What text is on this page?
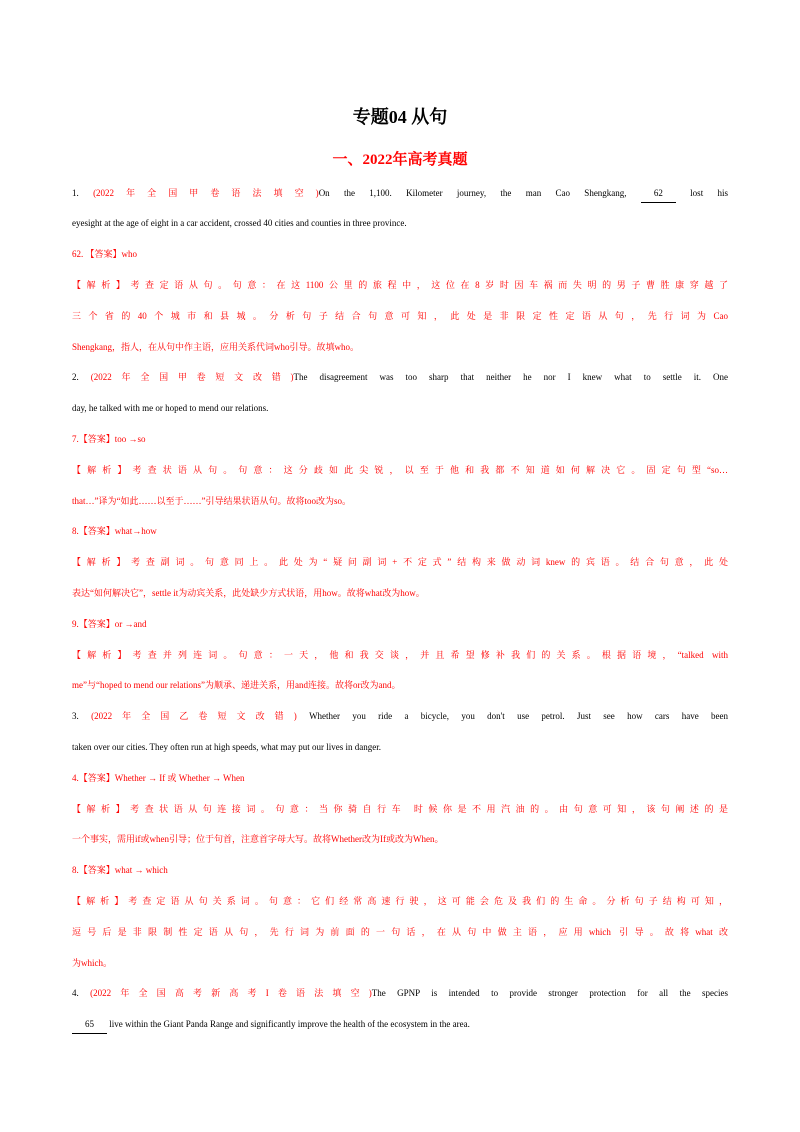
专题04 从句
一、2022年高考真题
1. (2022年全国甲卷语法填空)On the 1,100. Kilometer journey, the man Cao Shengkang, 62 lost his
eyesight at the age of eight in a car accident, crossed 40 cities and counties in three province.
62. 【答案】who
【解析】考查定语从句。句意：在这1100公里的旅程中，这位在8岁时因车祸而失明的男子曹胜康穿越了
三个省的40个城市和县城。分析句子结合句意可知，此处是非限定性定语从句，先行词为Cao
Shengkang，指人，在从句中作主语，应用关系代词who引导。故填who。
2. (2022年全国甲卷短文改错)The disagreement was too sharp that neither he nor I knew what to settle it. One
day, he talked with me or hoped to mend our relations.
7.【答案】too →so
【解析】考查状语从句。句意：这分歧如此尖锐，以至于他和我都不知道如何解决它。固定句型“so…
that…”译为“如此……以至于……”引导结果状语从句。故将too改为so。
8.【答案】what→how
【解析】考查副词。句意同上。此处为“疑问副词+不定式”结构来做动词knew的宾语。结合句意，此处
表达“如何解决它”，settle it为动宾关系，此处缺少方式状语，用how。故将what改为how。
9.【答案】or →and
【解析】考查并列连词。句意：一天，他和我交谈，并且希望修补我们的关系。根据语境，“talked with
me”与“hoped to mend our relations”为顺承、递进关系，用and连接。故将or改为and。
3. (2022年全国乙卷短文改错) Whether you ride a bicycle, you don't use petrol. Just see how cars have been
taken over our cities. They often run at high speeds, what may put our lives in danger.
4.【答案】Whether → If 或 Whether → When
【解析】考查状语从句连接词。句意：当你骑自行车 时候你是不用汽油的。由句意可知，该句阐述的是
一个事实，需用if或when引导；位于句首，注意首字母大写。故将Whether改为If或改为When。
8.【答案】what → which
【解析】考查定语从句关系词。句意：它们经常高速行驶，这可能会危及我们的生命。分析句子结构可知，
逗号后是非限制性定语从句，先行词为前面的一句话，在从句中做主语，应用which 引导。故将what改
为which。
4. (2022年全国高考新高考I卷语法填空)The GPNP is intended to provide stronger protection for all the species
65 live within the Giant Panda Range and significantly improve the health of the ecosystem in the area.
